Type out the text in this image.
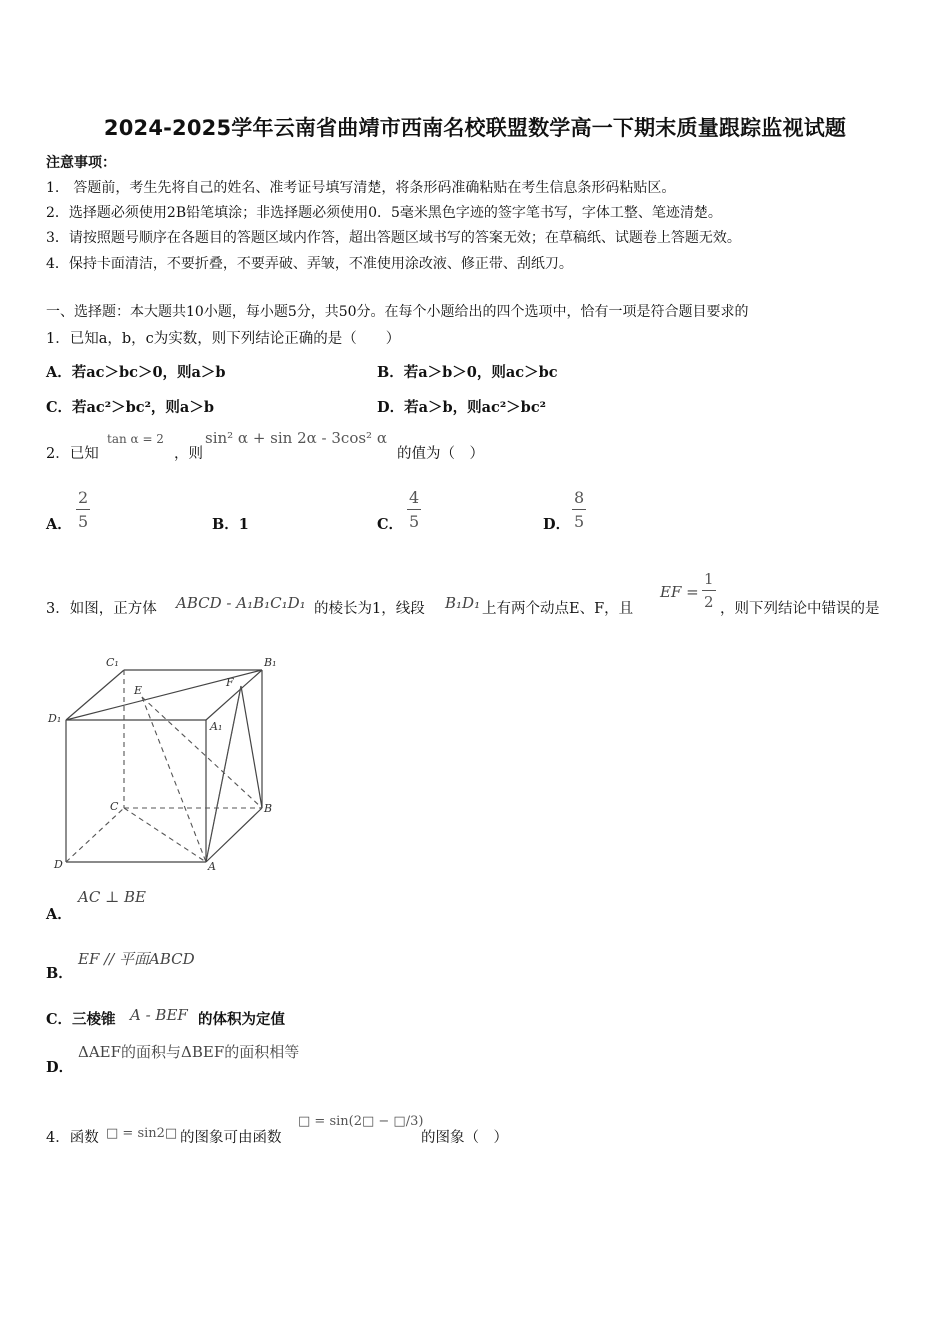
2024-2025学年云南省曲靖市西南名校联盟数学高一下期末质量跟踪监视试题
注意事项：
1.　答题前，考生先将自己的姓名、准考证号填写清楚，将条形码准确粘贴在考生信息条形码粘贴区。
2．选择题必须使用2B铅笔填涂；非选择题必须使用0．5毫米黑色字迹的签字笔书写，字体工整、笔迹清楚。
3．请按照题号顺序在各题目的答题区域内作答，超出答题区域书写的答案无效；在草稿纸、试题卷上答题无效。
4．保持卡面清洁，不要折叠，不要弄破、弄皱，不准使用涂改液、修正带、刮纸刀。
一、选择题：本大题共10小题，每小题5分，共50分。在每个小题给出的四个选项中，恰有一项是符合题目要求的
1．已知a，b，c为实数，则下列结论正确的是（　　）
A．若ac＞bc＞0，则a＞b	B．若a＞b＞0，则ac＞bc
C．若ac²＞bc²，则a＞b	D．若a＞b，则ac²＞bc²
2．已知
tan α = 2
，则
sin² α + sin 2α - 3cos² α
的值为（　）
A．
2
5	B．1	C．
4
5	D．
8
5
3．如图，正方体 ABCD - A₁B₁C₁D₁ 的棱长为1，线段 B₁D₁ 上有两个动点E、F，且
EF =
1
2 ，则下列结论中错误的是
C₁	B₁
D₁
A₁
E
F
C	B
D	A
A．
AC ⊥ BE
B．
EF // 平面ABCD
C．三棱锥 A - BEF 的体积为定值
D．
ΔAEF的面积与ΔBEF的面积相等
4．函数 □ = sin2□ 的图象可由函数
□ = sin(2□ − □/3)
的图象（　）
